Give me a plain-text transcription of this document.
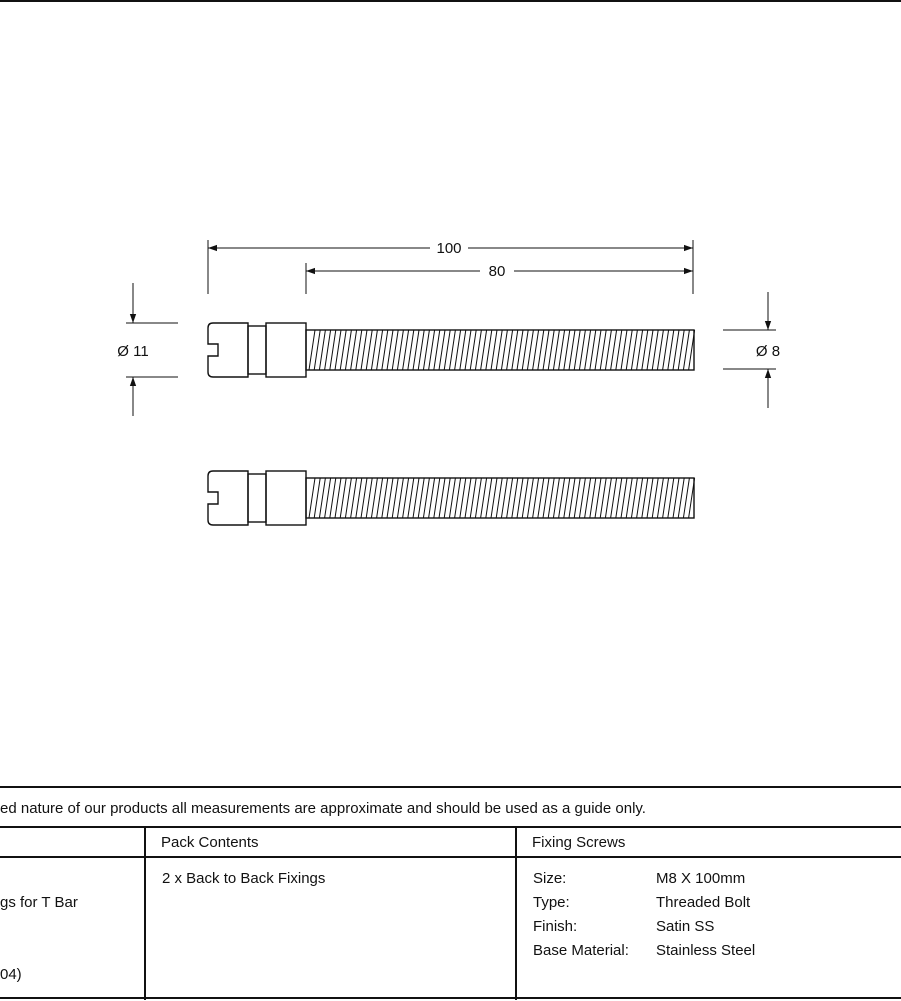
100
80
Ø 11	Ø 8
ed nature of our products all measurements are approximate and should be used as a guide only.
Pack Contents	Fixing Screws
gs for T Bar
04)
2 x Back to Back Fixings	Size:	M8 X 100mm
Type:	Threaded Bolt
Finish:	Satin SS
Base Material: Stainless Steel
